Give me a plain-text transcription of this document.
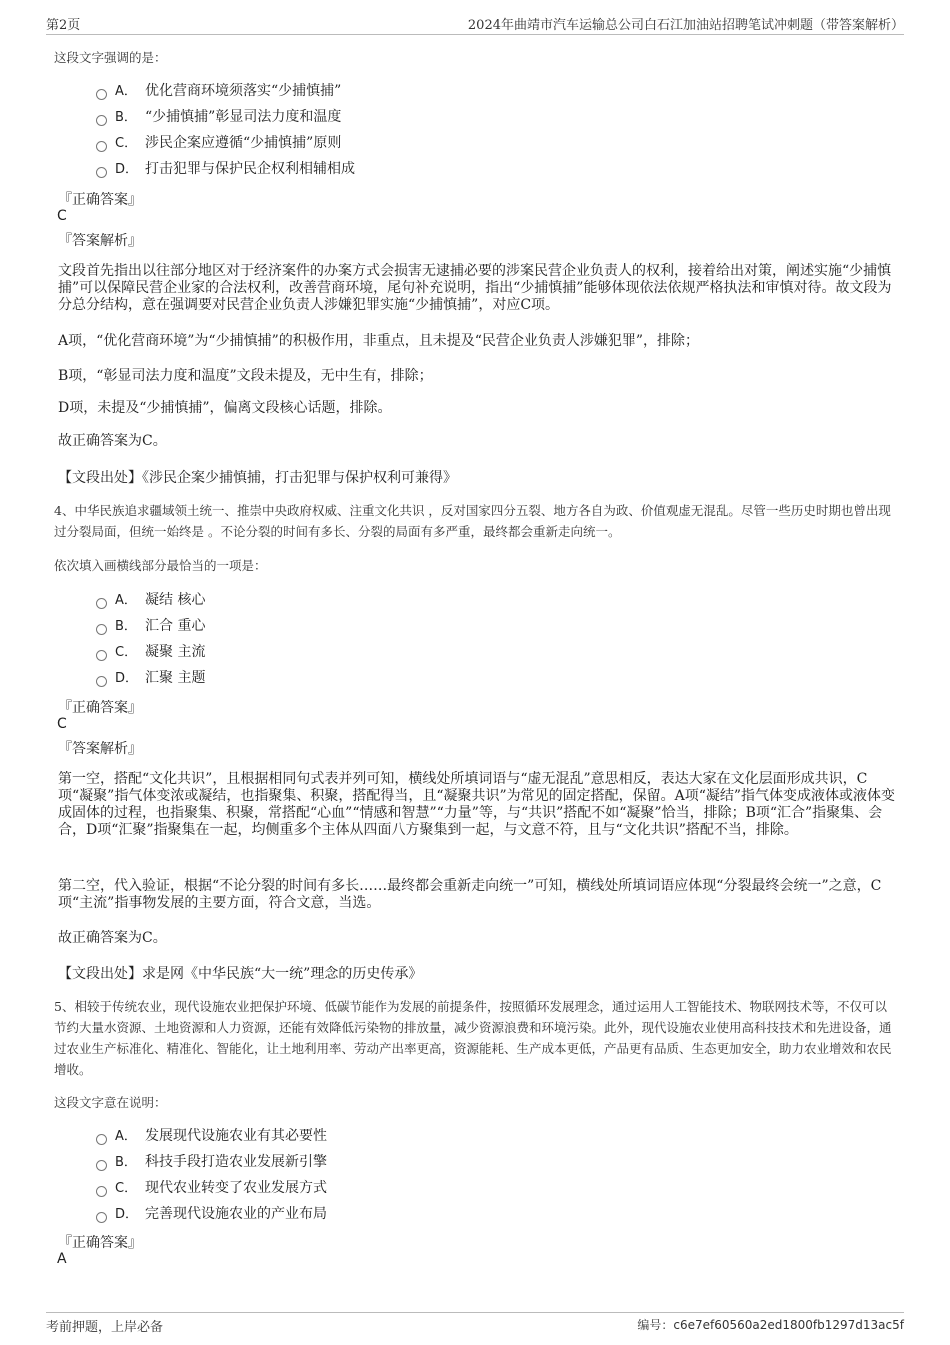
第2页	2024年曲靖市汽车运输总公司白石江加油站招聘笔试冲刺题（带答案解析）
这段文字强调的是：
A． 优化营商环境须落实“少捕慎捕”
B． “少捕慎捕”彰显司法力度和温度
C． 涉民企案应遵循“少捕慎捕”原则
D． 打击犯罪与保护民企权利相辅相成
『正确答案』
C
『答案解析』
文段首先指出以往部分地区对于经济案件的办案方式会损害无逮捕必要的涉案民营企业负责人的权利，接着给出对策，阐述实施“少捕慎捕”可以保障民营企业家的合法权利，改善营商环境，尾句补充说明，指出“少捕慎捕”能够体现依法依规严格执法和审慎对待。故文段为分总分结构，意在强调要对民营企业负责人涉嫌犯罪实施“少捕慎捕”，对应C项。
A项，“优化营商环境”为“少捕慎捕”的积极作用，非重点，且未提及“民营企业负责人涉嫌犯罪”，排除；
B项，“彰显司法力度和温度”文段未提及，无中生有，排除；
D项，未提及“少捕慎捕”，偏离文段核心话题，排除。
故正确答案为C。
【文段出处】《涉民企案少捕慎捕，打击犯罪与保护权利可兼得》
4、中华民族追求疆域领土统一、推崇中央政府权威、注重文化共识 ，反对国家四分五裂、地方各自为政、价值观虚无混乱。尽管一些历史时期也曾出现过分裂局面，但统一始终是 。不论分裂的时间有多长、分裂的局面有多严重，最终都会重新走向统一。
依次填入画横线部分最恰当的一项是：
A． 凝结 核心
B． 汇合 重心
C． 凝聚 主流
D． 汇聚 主题
『正确答案』
C
『答案解析』
第一空，搭配“文化共识”，且根据相同句式表并列可知，横线处所填词语与“虚无混乱”意思相反，表达大家在文化层面形成共识，C项“凝聚”指气体变浓或凝结，也指聚集、积聚，搭配得当，且“凝聚共识”为常见的固定搭配，保留。A项“凝结”指气体变成液体或液体变成固体的过程，也指聚集、积聚，常搭配“心血”“情感和智慧”“力量”等，与“共识”搭配不如“凝聚”恰当，排除；B项“汇合”指聚集、会合，D项“汇聚”指聚集在一起，均侧重多个主体从四面八方聚集到一起，与文意不符，且与“文化共识”搭配不当，排除。
第二空，代入验证，根据“不论分裂的时间有多长……最终都会重新走向统一”可知，横线处所填词语应体现“分裂最终会统一”之意，C项“主流”指事物发展的主要方面，符合文意，当选。
故正确答案为C。
【文段出处】求是网《中华民族“大一统”理念的历史传承》
5、相较于传统农业，现代设施农业把保护环境、低碳节能作为发展的前提条件，按照循环发展理念，通过运用人工智能技术、物联网技术等，不仅可以节约大量水资源、土地资源和人力资源，还能有效降低污染物的排放量，减少资源浪费和环境污染。此外，现代设施农业使用高科技技术和先进设备，通过农业生产标准化、精准化、智能化，让土地利用率、劳动产出率更高，资源能耗、生产成本更低，产品更有品质、生态更加安全，助力农业增效和农民增收。
这段文字意在说明：
A． 发展现代设施农业有其必要性
B． 科技手段打造农业发展新引擎
C． 现代农业转变了农业发展方式
D． 完善现代设施农业的产业布局
『正确答案』
A
考前押题，上岸必备	编号：c6e7ef60560a2ed1800fb1297d13ac5f
